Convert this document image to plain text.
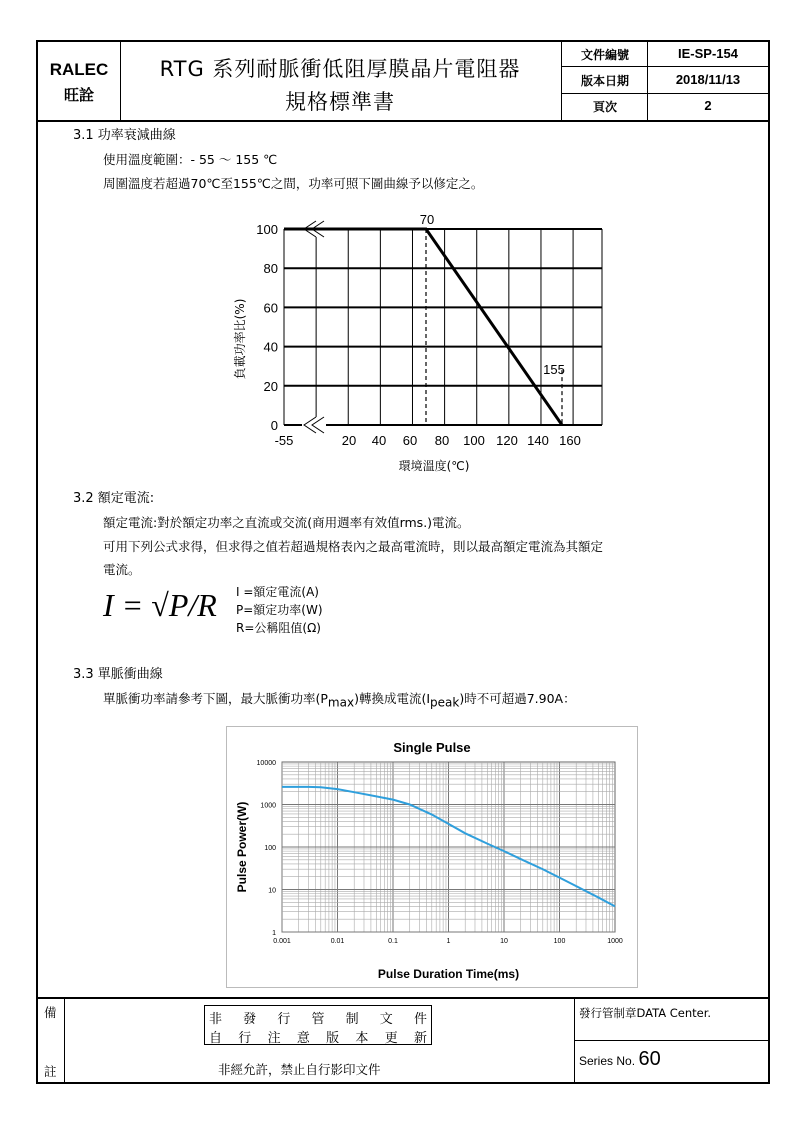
RALEC
旺詮
RTG 系列耐脈衝低阻厚膜晶片電阻器
規格標準書
文件編號	IE-SP-154
版本日期	2018/11/13
頁次	2
3.1 功率衰減曲線
使用溫度範圍：- 55 ～ 155 ℃
周圍溫度若超過70℃至155℃之間，功率可照下圖曲線予以修定之。
-55	20 40 60 80 100 120 140 160
0
20
40
60
80
100
70
155
負載功率比(%)
環境溫度(℃)
3.2 額定電流:
額定電流:對於額定功率之直流或交流(商用週率有效值rms.)電流。
可用下列公式求得，但求得之值若超過規格表內之最高電流時，則以最高額定電流為其額定
電流。
I = √P/R I =額定電流(A)
P=額定功率(W)
R=公稱阻值(Ω)
3.3 單脈衝曲線
單脈衝功率請參考下圖，最大脈衝功率$(P_{max})$轉換成電流$(I_{peak})$時不可超過7.90A：
0.001	0.01	0.1	1	10	100	1000
1
10
100
1000
10000
Single Pulse
Pulse Duration Time(ms)
Pulse Power(W)
備
註
非 發 行 管 制 文 件
自 行 注 意 版 本 更 新
非經允許，禁止自行影印文件
發行管制章DATA Center.
Series No. 60
